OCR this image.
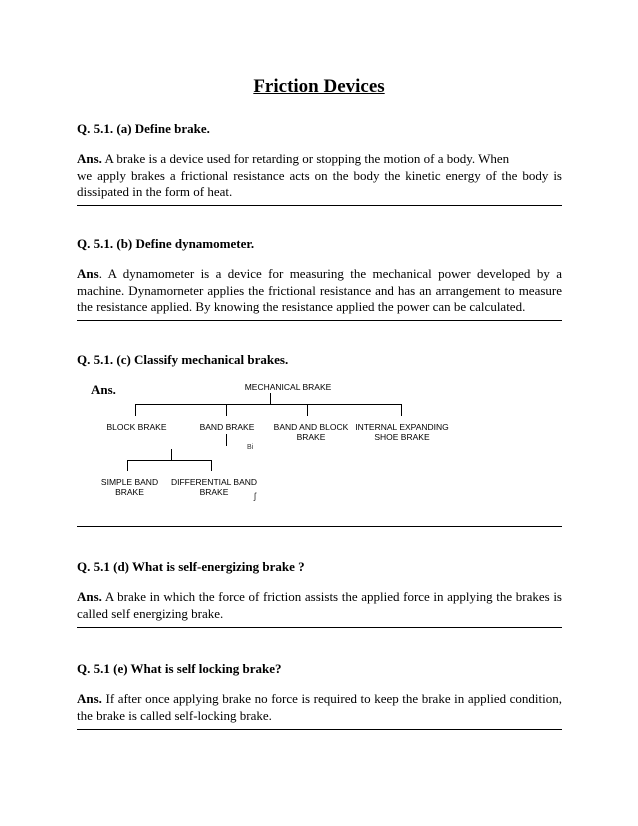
Friction Devices
Q. 5.1. (a) Define brake.
Ans. A brake is a device used for retarding or stopping the motion of a body. When
we apply brakes a frictional resistance acts on the body the kinetic energy of the body is dissipated in the form of heat.
Q. 5.1. (b) Define dynamometer.
Ans. A dynamometer is a device for measuring the mechanical power developed by a machine. Dynamorneter applies the frictional resistance and has an arrangement to measure the resistance applied. By knowing the resistance applied the power can be calculated.
Q. 5.1. (c) Classify mechanical brakes.
Ans.	MECHANICAL BRAKE
BLOCK BRAKE	BAND BRAKE	BAND AND BLOCK
BRAKE
INTERNAL EXPANDING
SHOE BRAKE
Bi
SIMPLE BAND
BRAKE
DIFFERENTIAL BAND
BRAKE	ʃ
Q. 5.1 (d) What is self-energizing brake ?
Ans. A brake in which the force of friction assists the applied force in applying the brakes is called self energizing brake.
Q. 5.1 (e) What is self locking brake?
Ans. If after once applying brake no force is required to keep the brake in applied condition, the brake is called self-locking brake.
